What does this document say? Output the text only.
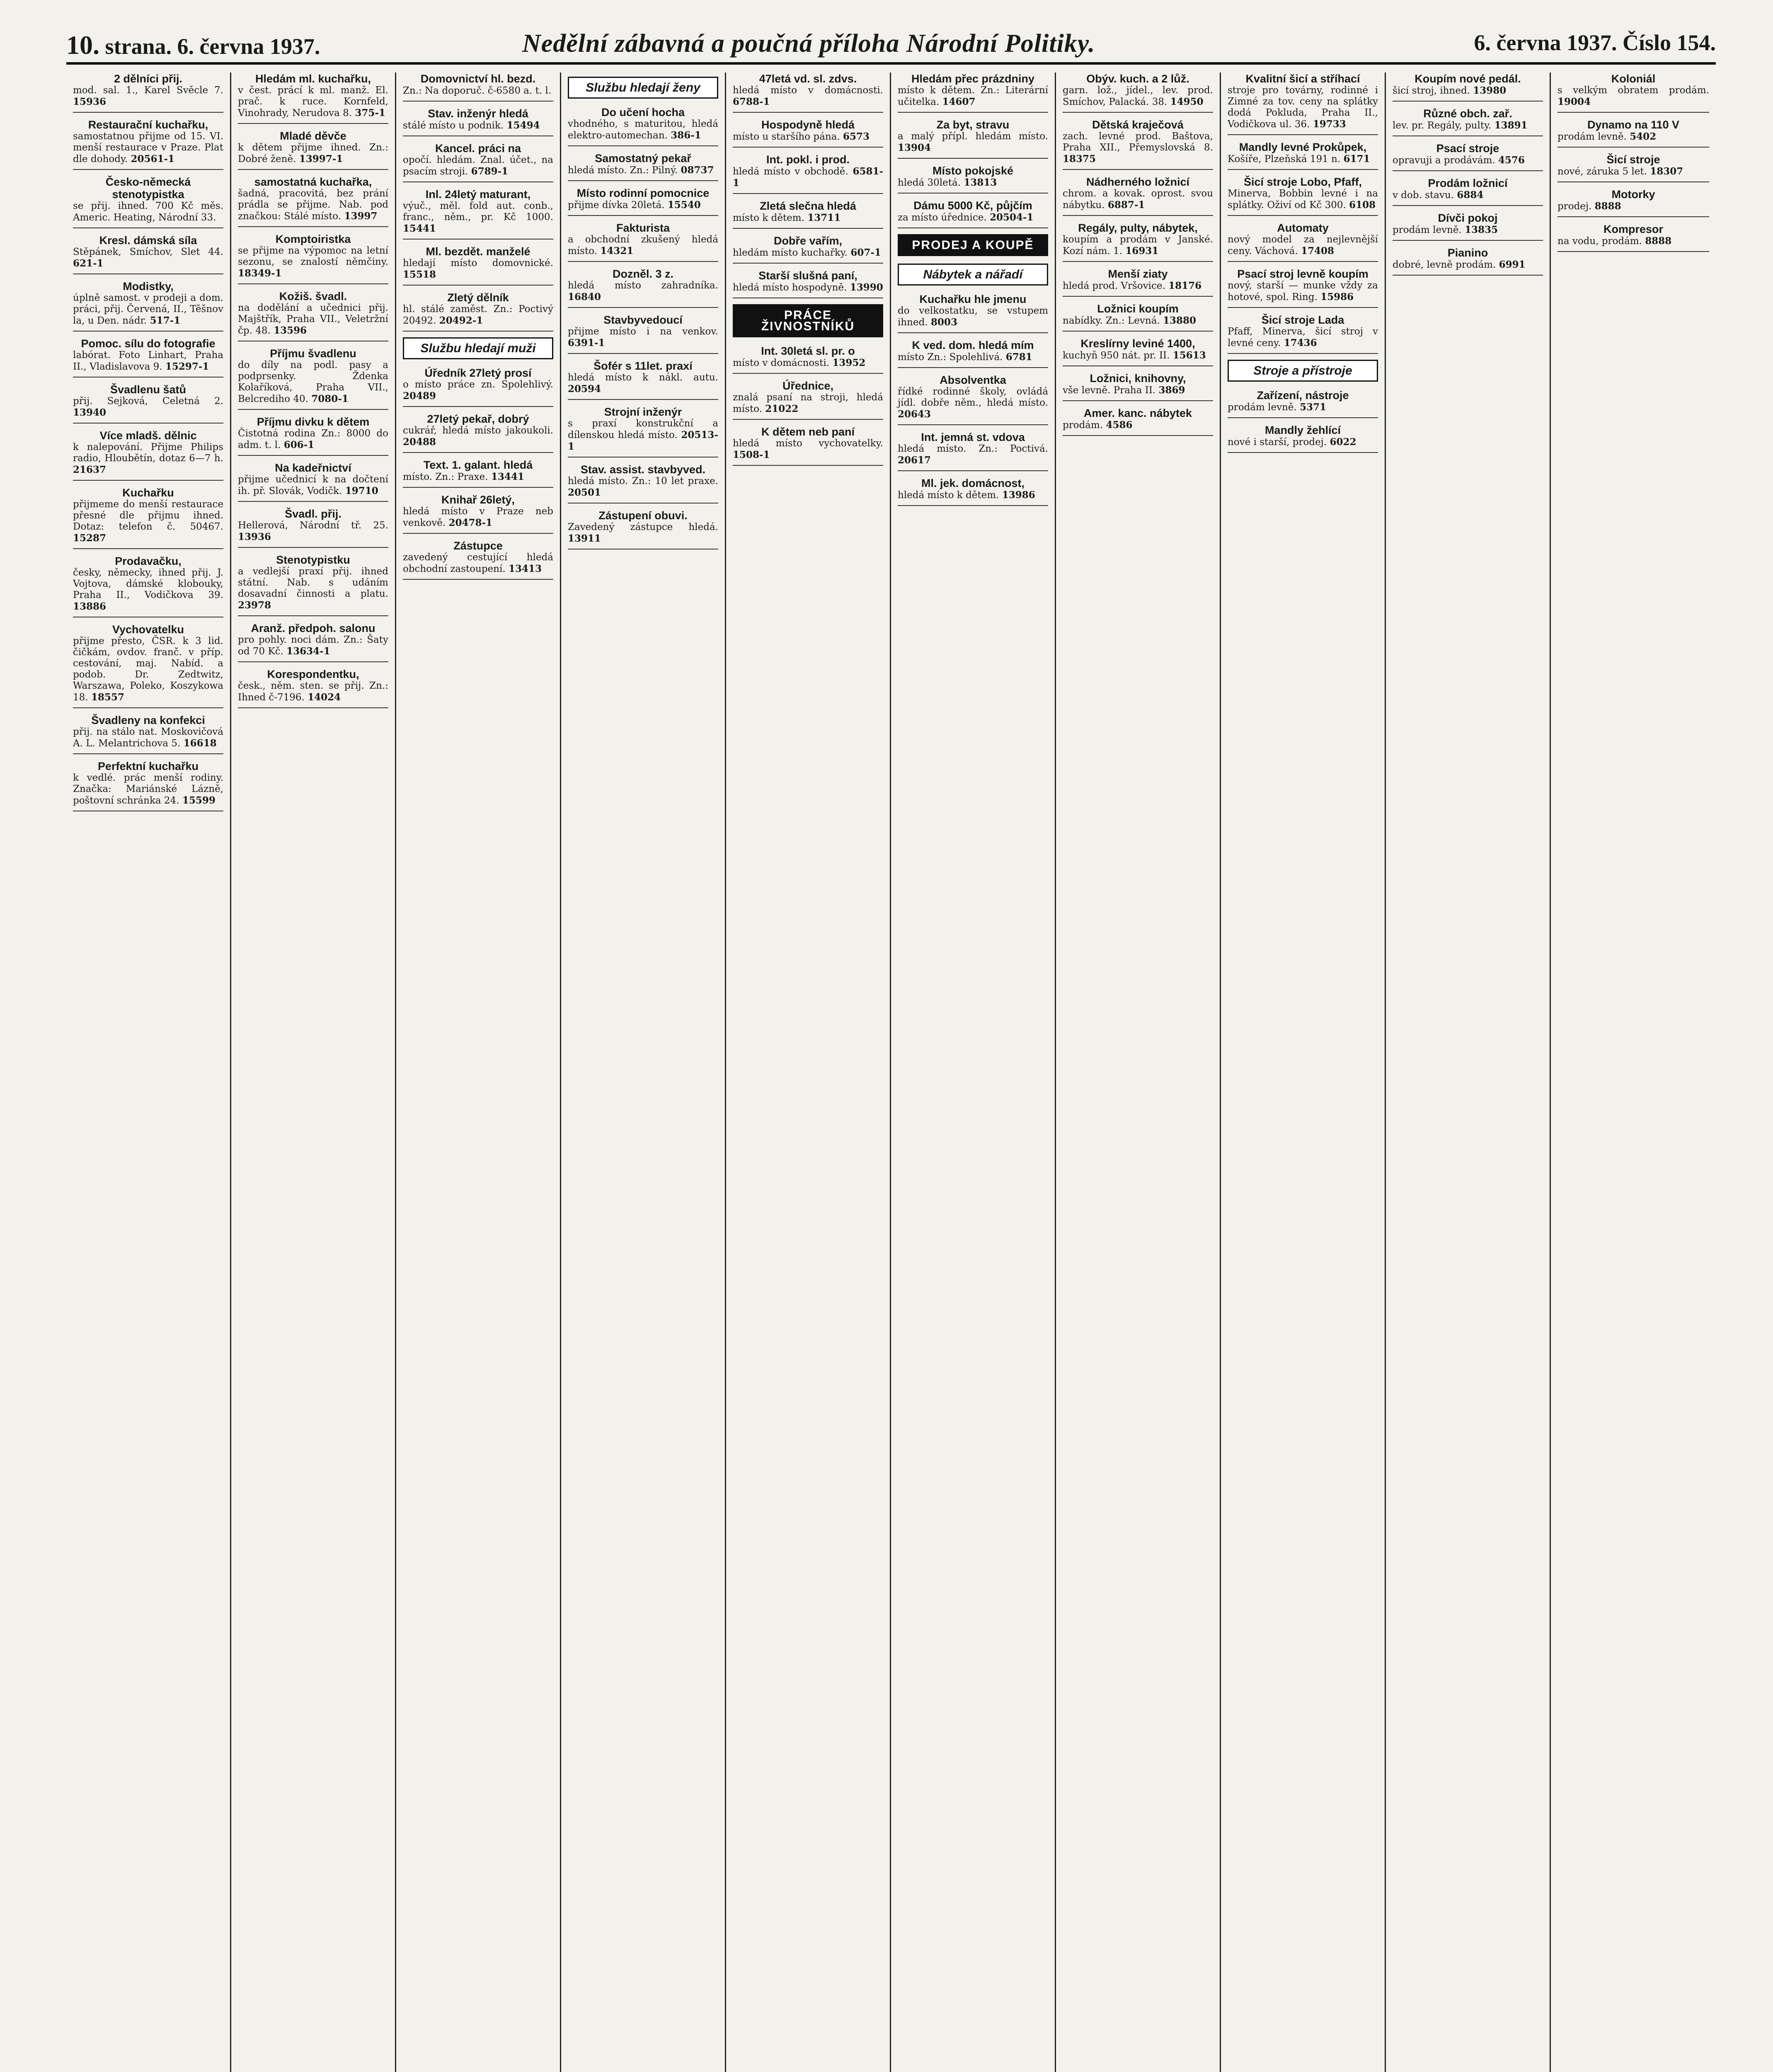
10. strana. 6. června 1937.	Nedělní zábavná a poučná příloha Národní Politiky.	6. června 1937. Číslo 154.
2 dělníci přij.
mod. sal. 1., Karel Svěcle 7. 15936
Restaurační kuchařku,
samostatnou přijme od 15. VI. menší restaurace v Praze. Plat dle dohody. 20561-1
Česko-německá stenotypistka
se přij. ihned. 700 Kč měs. Americ. Heating, Národní 33.
Kresl. dámská síla
Stěpánek, Smíchov, Slet 44. 621-1
Modistky,
úplně samost. v prodeji a dom. práci, přij. Červená, II., Těšnov la, u Den. nádr. 517-1
Pomoc. sílu do fotografie
labórat. Foto Linhart, Praha II., Vladislavova 9. 15297-1
Švadlenu šatů
přij. Sejková, Celetná 2. 13940
Více mladš. dělnic
k nalepování. Přijme Philips radio, Hloubětín, dotaz 6—7 h. 21637
Kuchařku
přijmeme do menší restaurace přesné dle přijmu ihned. Dotaz: telefon č. 50467. 15287
Prodavačku,
česky, německy, ihned přij. J. Vojtova, dámské klobouky, Praha II., Vodičkova 39. 13886
Vychovatelku
přijme přesto, ČSR. k 3 lid. čičkám, ovdov. franč. v příp. cestování, maj. Nabíd. a podob. Dr. Zedtwitz, Warszawa, Poleko, Koszykowa 18. 18557
Švadleny na konfekci
přij. na stálo nat. Moskovičová A. L. Melantrichova 5. 16618
Perfektní kuchařku
k vedlé. prác menší rodiny. Značka: Mariánské Lázně, poštovní schránka 24. 15599
Hledám ml. kuchařku,
v čest. prácí k ml. manž. El. prač. k ruce. Kornfeld, Vinohrady, Nerudova 8. 375-1
Mladé děvče
k dětem přijme ihned. Zn.: Dobré ženě. 13997-1
samostatná kuchařka,
šadná, pracovitá, bez prání prádla se přijme. Nab. pod značkou: Stálé místo. 13997
Komptoiristka
se přijme na výpomoc na letní sezonu, se znalostí němčiny. 18349-1
Kožiš. švadl.
na dodělání a učednici přij. Majštřík, Praha VII., Veletržní čp. 48. 13596
Příjmu švadlenu
do díly na podl. pasy a podprsenky. Ždenka Kolaříková, Praha VII., Belcrediho 40. 7080-1
Příjmu divku k dětem
Čistotná rodina Zn.: 8000 do adm. t. l. 606-1
Na kadeřnictví
přijme učednicí k na dočtení ih. př. Slovák, Vodičk. 19710
Švadl. přij.
Hellerová, Národní tř. 25. 13936
Stenotypistku
a vedlejší praxí přij. ihned státní. Nab. s udáním dosavadní činnosti a platu. 23978
Aranž. předpoh. salonu
pro pohly. noci dám. Zn.: Šaty od 70 Kč. 13634-1
Korespondentku,
česk., něm. sten. se přij. Zn.: Ihned č-7196. 14024
Domovnictví hl. bezd.
Zn.: Na doporuč. č-6580 a. t. l.
Stav. inženýr hledá
stálé místo u podnik. 15494
Kancel. práci na
opočí. hledám. Znal. účet., na psacím stroji. 6789-1
Inl. 24letý maturant,
výuč., měl. fold aut. conb., franc., něm., pr. Kč 1000. 15441
Ml. bezdět. manželé
hledají místo domovnické. 15518
Zletý dělník
hl. stálé zaměst. Zn.: Poctivý 20492. 20492-1
Službu hledají muži
Úředník 27letý prosí
o místo práce zn. Spolehlivý. 20489
27letý pekař, dobrý
cukrář, hledá místo jakoukoli. 20488
Text. 1. galant. hledá
místo. Zn.: Praxe. 13441
Knihař 26letý,
hledá místo v Praze neb venkově. 20478-1
Zástupce
zavedený cestující hledá obchodní zastoupení. 13413
Službu hledají ženy
Do učení hocha
vhodného, s maturitou, hledá elektro-automechan. 386-1
Samostatný pekař
hledá místo. Zn.: Pilný. 08737
Místo rodinní pomocnice
přijme dívka 20letá. 15540
Fakturista
a obchodní zkušený hledá místo. 14321
Dozněl. 3 z.
hledá místo zahradníka. 16840
Stavbyvedoucí
přijme místo i na venkov. 6391-1
Šofér s 11let. praxí
hledá místo k nákl. autu. 20594
Strojní inženýr
s praxí konstrukční a dílenskou hledá místo. 20513-1
Stav. assist. stavbyved.
hledá místo. Zn.: 10 let praxe. 20501
Zástupení obuvi.
Zavedený zástupce hledá. 13911
47letá vd. sl. zdvs.
hledá místo v domácnosti. 6788-1
Hospodyně hledá
místo u staršího pána. 6573
Int. pokl. i prod.
hledá místo v obchodě. 6581-1
Zletá slečna hledá
místo k dětem. 13711
Dobře vařím,
hledám místo kuchařky. 607-1
Starší slušná paní,
hledá místo hospodyně. 13990
PRÁCE ŽIVNOSTNÍKŮ
Int. 30letá sl. pr. o
místo v domácnosti. 13952
Úřednice,
znalá psaní na stroji, hledá místo. 21022
K dětem neb paní
hledá místo vychovatelky. 1508-1
Hledám přec prázdniny
místo k dětem. Zn.: Literární učitelka. 14607
Za byt, stravu
a malý přípl. hledám místo. 13904
Místo pokojské
hledá 30letá. 13813
Dámu 5000 Kč, půjčím
za místo úřednice. 20504-1
PRODEJ A KOUPĚ
Nábytek a nářadí
Kuchařku hle jmenu
do velkostatku, se vstupem ihned. 8003
K ved. dom. hledá mím
místo Zn.: Spolehlivá. 6781
Absolventka
řídké rodinné školy, ovládá jídl. dobře něm., hledá místo. 20643
Int. jemná st. vdova
hledá místo. Zn.: Poctivá. 20617
Ml. jek. domácnost,
hledá místo k dětem. 13986
Obýv. kuch. a 2 lůž.
garn. lož., jídel., lev. prod. Smíchov, Palacká. 38. 14950
Dětská kraječová
zach. levné prod. Baštova, Praha XII., Přemyslovská 8. 18375
Nádherného ložnicí
chrom. a kovak. oprost. svou nábytku. 6887-1
Regály, pulty, nábytek,
koupím a prodám v Janské. Kozí nám. 1. 16931
Menší ziaty
hledá prod. Vršovice. 18176
Ložnici koupím
nabídky. Zn.: Levná. 13880
Kreslírny leviné 1400,
kuchyň 950 nát. pr. II. 15613
Ložnici, knihovny,
vše levně. Praha II. 3869
Amer. kanc. nábytek
prodám. 4586
Kvalitní šicí a stříhací
stroje pro továrny, rodinné i Zimné za tov. ceny na splátky dodá Pokluda, Praha II., Vodičkova ul. 36. 19733
Mandly levné Prokůpek,
Košíře, Plzeňská 191 n. 6171
Šicí stroje Lobo, Pfaff,
Minerva, Bobbin levné i na splátky. Oživí od Kč 300. 6108
Automaty
nový model za nejlevnější ceny. Váchová. 17408
Psací stroj levně koupím
nový, starší — munke vždy za hotové, spol. Ring. 15986
Šicí stroje Lada
Pfaff, Minerva, šicí stroj v levné ceny. 17436
Stroje a přístroje
Zařízení, nástroje
prodám levně. 5371
Mandly žehlící
nové i starší, prodej. 6022
Koupím nové pedál.
šicí stroj, ihned. 13980
Různé obch. zař.
lev. pr. Regály, pulty. 13891
Psací stroje
opravuji a prodávám. 4576
Prodám ložnicí
v dob. stavu. 6884
Dívči pokoj
prodám levně. 13835
Pianino
dobré, levně prodám. 6991
Koloniál
s velkým obratem prodám. 19004
Dynamo na 110 V
prodám levně. 5402
Šicí stroje
nové, záruka 5 let. 18307
Motorky
prodej. 8888
Kompresor
na vodu, prodám. 8888
